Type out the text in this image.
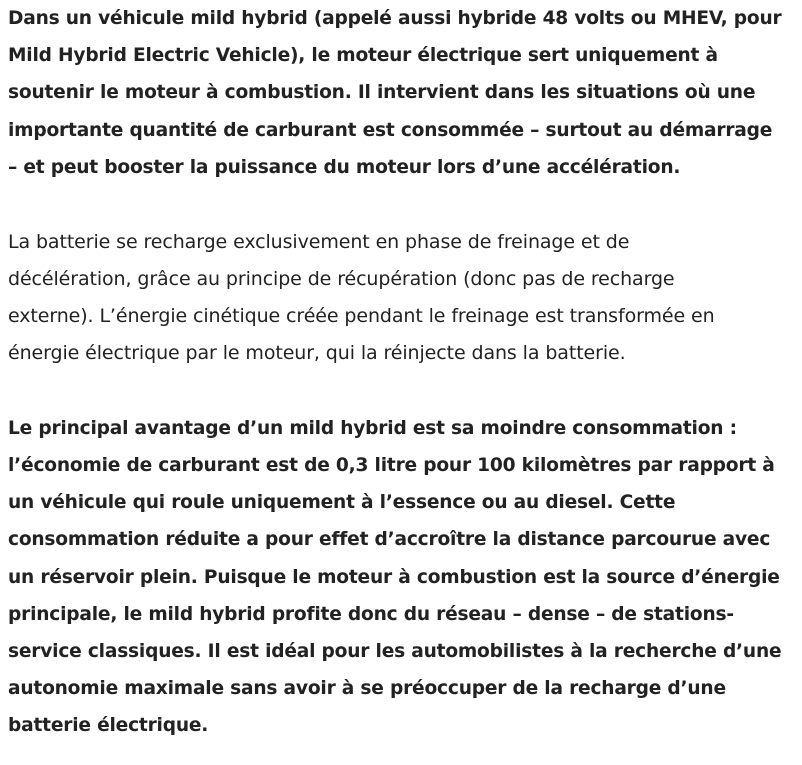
Dans un véhicule mild hybrid (appelé aussi hybride 48 volts ou MHEV, pour
Mild Hybrid Electric Vehicle), le moteur électrique sert uniquement à
soutenir le moteur à combustion. Il intervient dans les situations où une
importante quantité de carburant est consommée – surtout au démarrage
– et peut booster la puissance du moteur lors d’une accélération.

La batterie se recharge exclusivement en phase de freinage et de
décélération, grâce au principe de récupération (donc pas de recharge
externe). L’énergie cinétique créée pendant le freinage est transformée en
énergie électrique par le moteur, qui la réinjecte dans la batterie.

Le principal avantage d’un mild hybrid est sa moindre consommation :
l’économie de carburant est de 0,3 litre pour 100 kilomètres par rapport à
un véhicule qui roule uniquement à l’essence ou au diesel. Cette
consommation réduite a pour effet d’accroître la distance parcourue avec
un réservoir plein. Puisque le moteur à combustion est la source d’énergie
principale, le mild hybrid profite donc du réseau – dense – de stations-
service classiques. Il est idéal pour les automobilistes à la recherche d’une
autonomie maximale sans avoir à se préoccuper de la recharge d’une
batterie électrique.
